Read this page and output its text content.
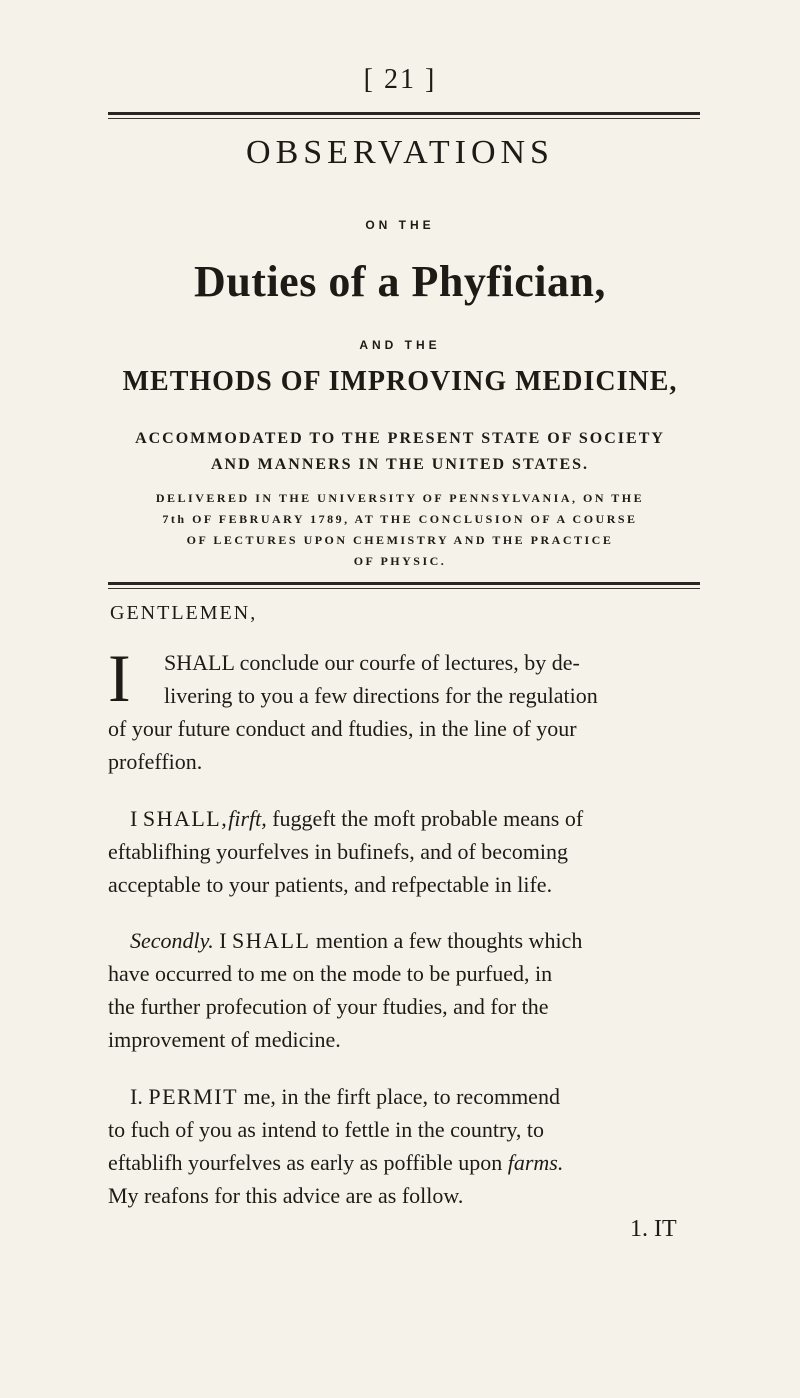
[ 21 ]
OBSERVATIONS
ON THE
Duties of a Phyfician,
AND THE
METHODS OF IMPROVING MEDICINE,
ACCOMMODATED TO THE PRESENT STATE OF SOCIETY
AND MANNERS IN THE UNITED STATES.
DELIVERED IN THE UNIVERSITY OF PENNSYLVANIA, ON THE
7th OF FEBRUARY 1789, AT THE CONCLUSION OF A COURSE
OF LECTURES UPON CHEMISTRY AND THE PRACTICE
OF PHYSIC.
GENTLEMEN,
I SHALL conclude our courfe of lectures, by de-
livering to you a few directions for the regulation
of your future conduct and ftudies, in the line of your
profeffion.
I SHALL,firft, fuggeft the moft probable means of
eftablifhing yourfelves in bufinefs, and of becoming
acceptable to your patients, and refpectable in life.
Secondly. I SHALL mention a few thoughts which
have occurred to me on the mode to be purfued, in
the further profecution of your ftudies, and for the
improvement of medicine.
I. PERMIT me, in the firft place, to recommend
to fuch of you as intend to fettle in the country, to
eftablifh yourfelves as early as poffible upon farms.
My reafons for this advice are as follow.
1. IT
